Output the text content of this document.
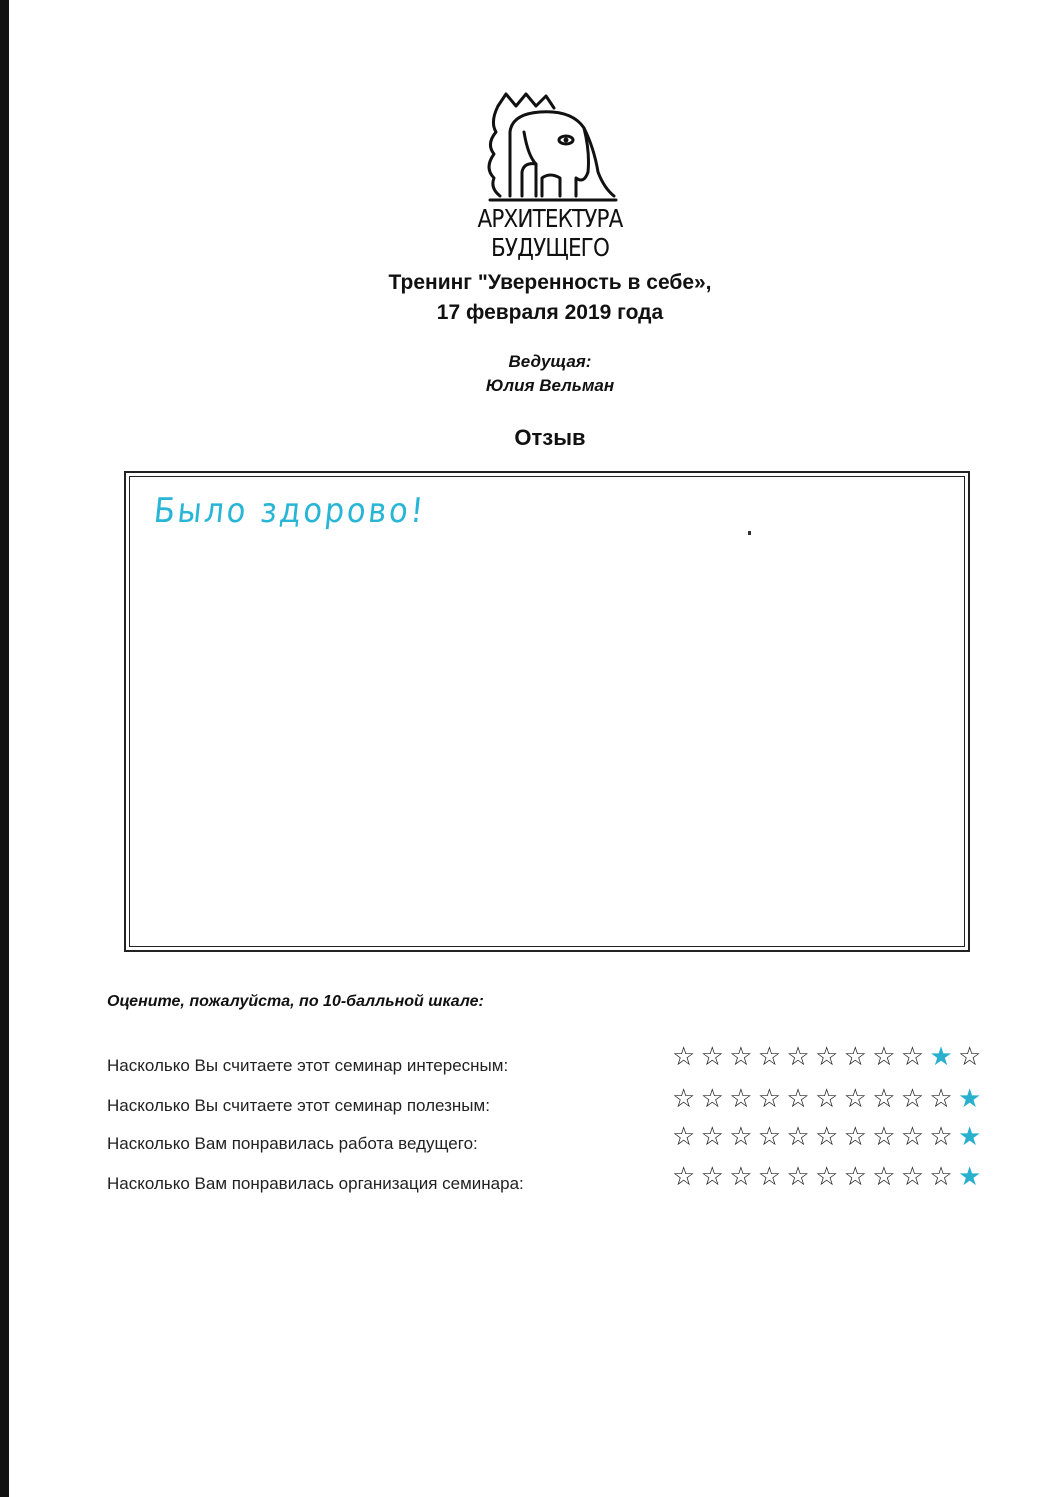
АРХИТЕКТУРА БУДУЩЕГО
Тренинг "Уверенность в себе»,
17 февраля 2019 года
Ведущая:
Юлия Вельман
Отзыв
Было здорово!
Оцените, пожалуйста, по 10-балльной шкале:
Насколько Вы считаете этот семинар интересным:
Насколько Вы считаете этот семинар полезным:
Насколько Вам понравилась работа ведущего:
Насколько Вам понравилась организация семинара:
☆ ☆ ☆ ☆ ☆ ☆ ☆ ☆ ☆ ★ ☆
☆ ☆ ☆ ☆ ☆ ☆ ☆ ☆ ☆ ☆ ★
☆ ☆ ☆ ☆ ☆ ☆ ☆ ☆ ☆ ☆ ★
☆ ☆ ☆ ☆ ☆ ☆ ☆ ☆ ☆ ☆ ★
